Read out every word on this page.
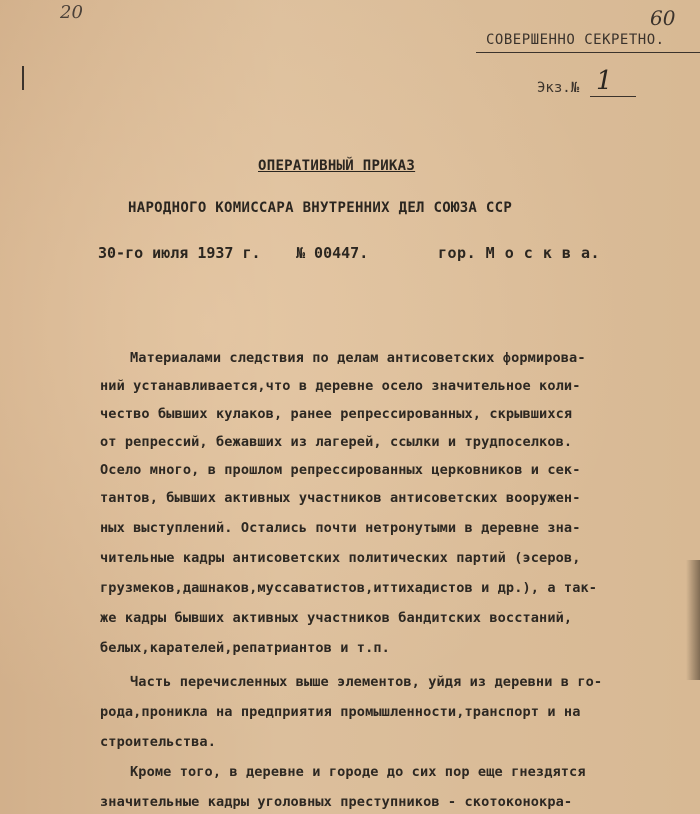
20	60
СОВЕРШЕННО СЕКРЕТНО.
Экз.№ 1
ОПЕРАТИВНЫЙ ПРИКАЗ
НАРОДНОГО КОМИССАРА ВНУТРЕННИХ ДЕЛ СОЮЗА ССР
30-го июля 1937 г. № 00447.	гор. М о с к в а.
Материалами следствия по делам антисоветских формирова-
ний устанавливается,что в деревне осело значительное коли-
чество бывших кулаков, ранее репрессированных, скрывшихся
от репрессий, бежавших из лагерей, ссылки и трудпоселков.
Осело много, в прошлом репрессированных церковников и сек-
тантов, бывших активных участников антисоветских вооружен-
ных выступлений. Остались почти нетронутыми в деревне зна-
чительные кадры антисоветских политических партий (эсеров,
грузмеков,дашнаков,муссаватистов,иттихадистов и др.), а так-
же кадры бывших активных участников бандитских восстаний,
белых,карателей,репатриантов и т.п.
Часть перечисленных выше элементов, уйдя из деревни в го-
рода,проникла на предприятия промышленности,транспорт и на
строительства.
Кроме того, в деревне и городе до сих пор еще гнездятся
значительные кадры уголовных преступников - скотоконокра-
